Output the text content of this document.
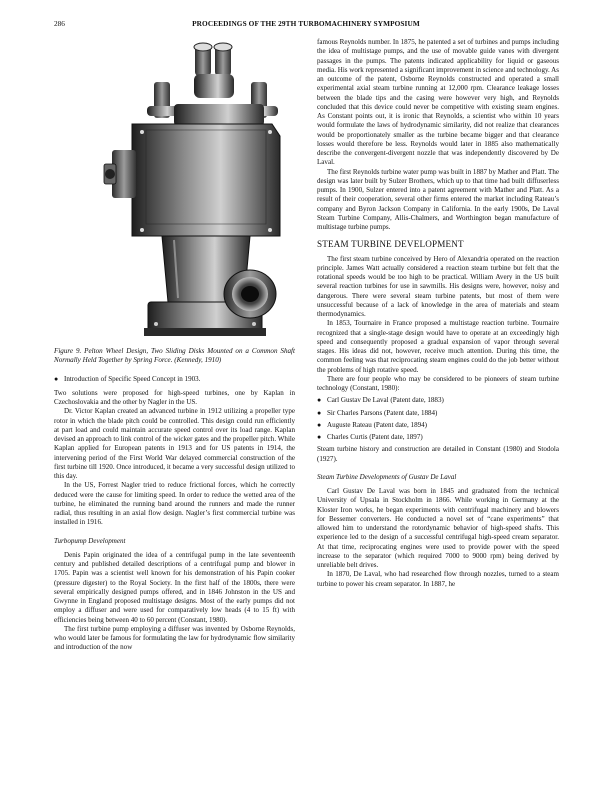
286	PROCEEDINGS OF THE 29TH TURBOMACHINERY SYMPOSIUM
Figure 9. Pelton Wheel Design, Two Sliding Disks Mounted on a Common Shaft Normally Held Together by Spring Force. (Kennedy, 1910)
● Introduction of Specific Speed Concept in 1903.

Two solutions were proposed for high-speed turbines, one by Kaplan in Czechoslovakia and the other by Nagler in the US.

Dr. Victor Kaplan created an advanced turbine in 1912 utilizing a propeller type rotor in which the blade pitch could be controlled. This design could run efficiently at part load and could maintain accurate speed control over its load range. Kaplan devised an approach to link control of the wicker gates and the propeller pitch. While Kaplan applied for European patents in 1913 and for US patents in 1914, the intervening period of the First World War delayed commercial construction of the first turbine till 1920. Once introduced, it became a very successful design utilized to this day.

In the US, Forrest Nagler tried to reduce frictional forces, which he correctly deduced were the cause for limiting speed. In order to reduce the wetted area of the turbine, he eliminated the running band around the runners and made the runner radial, thus resulting in an axial flow design. Nagler’s first commercial turbine was installed in 1916.

Turbopump Development

Denis Papin originated the idea of a centrifugal pump in the late seventeenth century and published detailed descriptions of a centrifugal pump and blower in 1705. Papin was a scientist well known for his demonstration of his Papin cooker (pressure digester) to the Royal Society. In the first half of the 1800s, there were several empirically designed pumps offered, and in 1846 Johnston in the US and Gwynne in England proposed multistage designs. Most of the early pumps did not employ a diffuser and were used for comparatively low heads (4 to 15 ft) with efficiencies being between 40 to 60 percent (Constant, 1980).

The first turbine pump employing a diffuser was invented by Osborne Reynolds, who would later be famous for formulating the law for hydrodynamic flow similarity and introduction of the now

famous Reynolds number. In 1875, he patented a set of turbines and pumps including the idea of multistage pumps, and the use of movable guide vanes with divergent passages in the pumps. The patents indicated applicability for liquid or gaseous media. His work represented a significant improvement in science and technology. As an outcome of the patent, Osborne Reynolds constructed and operated a small experimental axial steam turbine running at 12,000 rpm. Clearance leakage losses between the blade tips and the casing were however very high, and Reynolds concluded that this device could never be competitive with existing steam engines. As Constant points out, it is ironic that Reynolds, a scientist who within 10 years would formulate the laws of hydrodynamic similarity, did not realize that clearances would be proportionately smaller as the turbine became bigger and that clearance losses would therefore be less. Reynolds would later in 1885 also mathematically describe the convergent-divergent nozzle that was independently discovered by De Laval.

The first Reynolds turbine water pump was built in 1887 by Mather and Platt. The design was later built by Sulzer Brothers, which up to that time had built diffuserless pumps. In 1900, Sulzer entered into a patent agreement with Mather and Platt. As a result of their cooperation, several other firms entered the market including Rateau’s company and Byron Jackson Company in California. In the early 1900s, De Laval Steam Turbine Company, Allis-Chalmers, and Worthington began manufacture of multistage turbine pumps.

STEAM TURBINE DEVELOPMENT

The first steam turbine conceived by Hero of Alexandria operated on the reaction principle. James Watt actually considered a reaction steam turbine but felt that the rotational speeds would be too high to be practical. William Avery in the US built several reaction turbines for use in sawmills. His designs were, however, noisy and dangerous. There were several steam turbine patents, but most of them were unsuccessful because of a lack of knowledge in the area of materials and steam thermodynamics.

In 1853, Tournaire in France proposed a multistage reaction turbine. Tournaire recognized that a single-stage design would have to operate at an exceedingly high speed and consequently proposed a gradual expansion of vapor through several stages. His ideas did not, however, receive much attention. During this time, the common feeling was that reciprocating steam engines could do the job better without the problems of high rotative speed.

There are four people who may be considered to be pioneers of steam turbine technology (Constant, 1980):

● Carl Gustav De Laval (Patent date, 1883)
● Sir Charles Parsons (Patent date, 1884)
● Auguste Rateau (Patent date, 1894)
● Charles Curtis (Patent date, 1897)

Steam turbine history and construction are detailed in Constant (1980) and Stodola (1927).

Steam Turbine Developments of Gustav De Laval

Carl Gustav De Laval was born in 1845 and graduated from the technical University of Upsala in Stockholm in 1866. While working in Germany at the Kloster Iron works, he began experiments with centrifugal machinery and blowers for Bessemer converters. He conducted a novel set of “cane experiments” that allowed him to understand the rotordynamic behavior of high-speed shafts. This experience led to the design of a successful centrifugal high-speed cream separator. At that time, reciprocating engines were used to provide power with the speed increase to the separator (which required 7000 to 9000 rpm) being derived by unreliable belt drives.

In 1870, De Laval, who had researched flow through nozzles, turned to a steam turbine to power his cream separator. In 1887, he
